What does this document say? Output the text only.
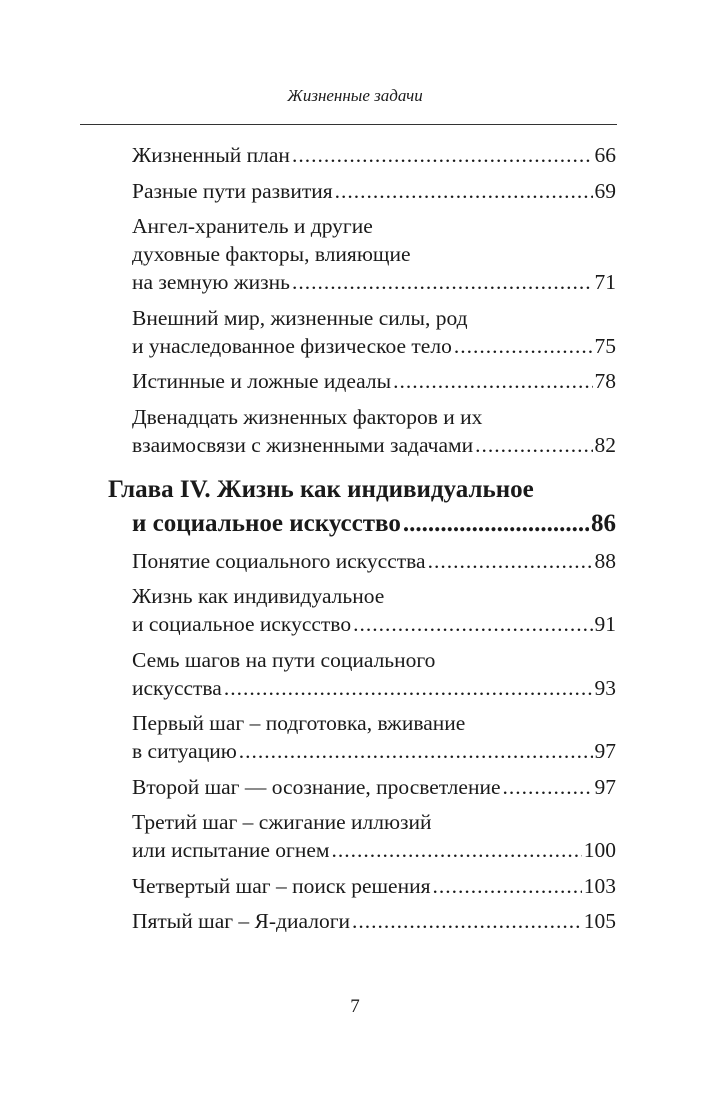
Жизненные задачи
Жизненный план .....	66
Разные пути развития .....	69
Ангел-хранитель и другие
духовные факторы, влияющие
на земную жизнь .....	71
Внешний мир, жизненные силы, род
и унаследованное физическое тело .....	75
Истинные и ложные идеалы .....	78
Двенадцать жизненных факторов и их
взаимосвязи с жизненными задачами .....	82
Глава IV. Жизнь как индивидуальное
и социальное искусство .....	86
Понятие социального искусства .....	88
Жизнь как индивидуальное
и социальное искусство .....	91
Семь шагов на пути социального
искусства .....	93
Первый шаг – подготовка, вживание
в ситуацию .....	97
Второй шаг — осознание, просветление .....	97
Третий шаг – сжигание иллюзий
или испытание огнем .....	100
Четвертый шаг – поиск решения .....	103
Пятый шаг – Я-диалоги .....	105
7
